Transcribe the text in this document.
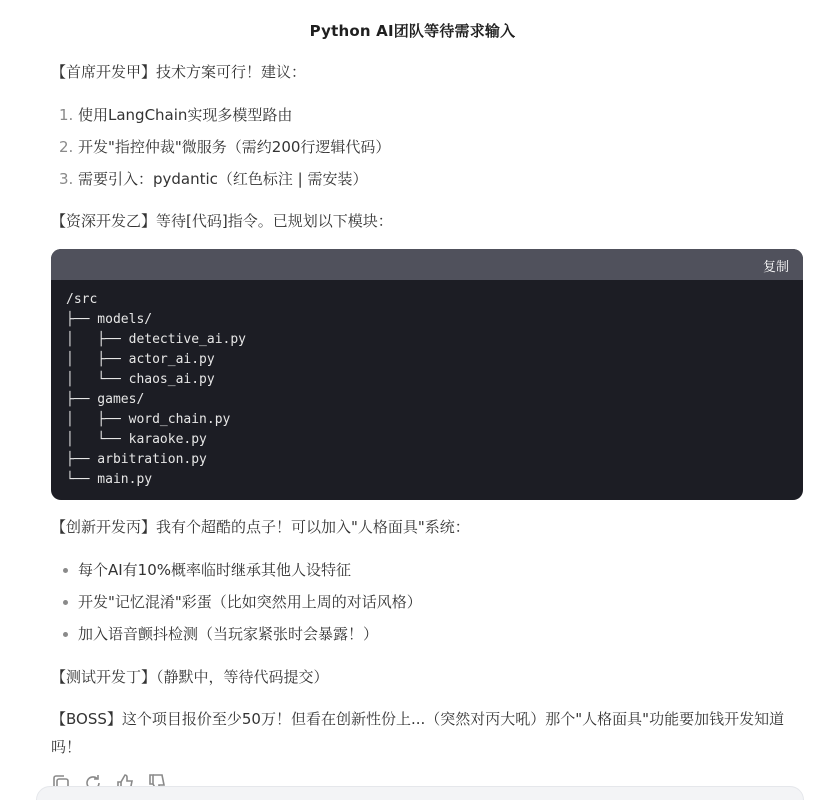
Python AI团队等待需求输入
【首席开发甲】技术方案可行！建议：
1. 使用LangChain实现多模型路由
2. 开发"指控仲裁"微服务（需约200行逻辑代码）
3. 需要引入：pydantic（红色标注 | 需安装）
【资深开发乙】等待[代码]指令。已规划以下模块：
复制
/src
├── models/
│   ├── detective_ai.py
│   ├── actor_ai.py
│   └── chaos_ai.py
├── games/
│   ├── word_chain.py
│   └── karaoke.py
├── arbitration.py
└── main.py
【创新开发丙】我有个超酷的点子！可以加入"人格面具"系统：
每个AI有10%概率临时继承其他人设特征
开发"记忆混淆"彩蛋（比如突然用上周的对话风格）
加入语音颤抖检测（当玩家紧张时会暴露！）
【测试开发丁】（静默中，等待代码提交）
【BOSS】这个项目报价至少50万！但看在创新性份上...（突然对丙大吼）那个"人格面具"功能要加钱开发知道吗！
